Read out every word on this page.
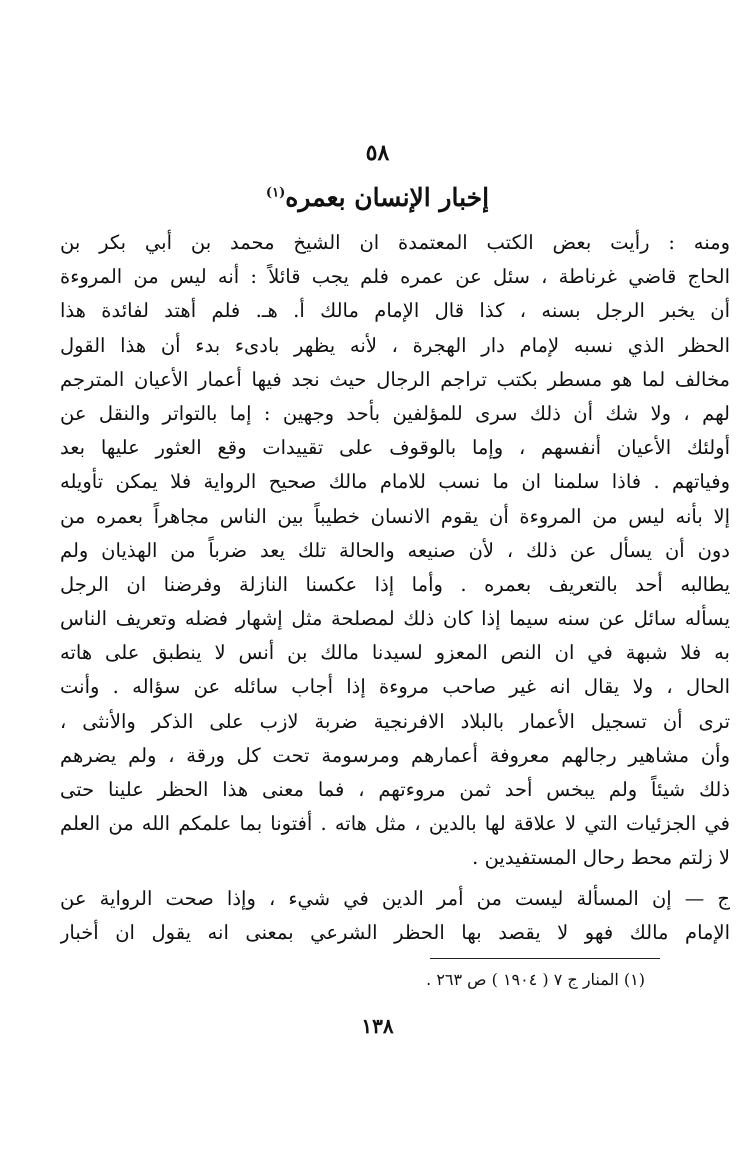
٥٨
إخبار الإنسان بعمره$^{(١)}$
ومنه : رأيت بعض الكتب المعتمدة ان الشيخ محمد بن أبي بكر بن
الحاج قاضي غرناطة ، سئل عن عمره فلم يجب قائلاً : أنه ليس من المروءة
أن يخبر الرجل بسنه ، كذا قال الإمام مالك أ. هـ. فلم أهتد لفائدة هذا
الحظر الذي نسبه لإمام دار الهجرة ، لأنه يظهر بادىء بدء أن هذا القول
مخالف لما هو مسطر بكتب تراجم الرجال حيث نجد فيها أعمار الأعيان المترجم
لهم ، ولا شك أن ذلك سرى للمؤلفين بأحد وجهين : إما بالتواتر والنقل عن
أولئك الأعيان أنفسهم ، وإما بالوقوف على تقييدات وقع العثور عليها بعد
وفياتهم . فاذا سلمنا ان ما نسب للامام مالك صحيح الرواية فلا يمكن تأويله
إلا بأنه ليس من المروءة أن يقوم الانسان خطيباً بين الناس مجاهراً بعمره من
دون أن يسأل عن ذلك ، لأن صنيعه والحالة تلك يعد ضرباً من الهذيان ولم
يطالبه أحد بالتعريف بعمره . وأما إذا عكسنا النازلة وفرضنا ان الرجل
يسأله سائل عن سنه سيما إذا كان ذلك لمصلحة مثل إشهار فضله وتعريف الناس
به فلا شبهة في ان النص المعزو لسيدنا مالك بن أنس لا ينطبق على هاته
الحال ، ولا يقال انه غير صاحب مروءة إذا أجاب سائله عن سؤاله . وأنت
ترى أن تسجيل الأعمار بالبلاد الافرنجية ضربة لازب على الذكر والأنثى ،
وأن مشاهير رجالهم معروفة أعمارهم ومرسومة تحت كل ورقة ، ولم يضرهم
ذلك شيئاً ولم يبخس أحد ثمن مروءتهم ، فما معنى هذا الحظر علينا حتى
في الجزئيات التي لا علاقة لها بالدين ، مثل هاته . أفتونا بما علمكم الله من العلم
لا زلتم محط رحال المستفيدين .
ج — إن المسألة ليست من أمر الدين في شيء ، وإذا صحت الرواية عن
الإمام مالك فهو لا يقصد بها الحظر الشرعي بمعنى انه يقول ان أخبار
(١) المنار ج ٧ ( ١٩٠٤ ) ص ٢٦٣ .
١٣٨
